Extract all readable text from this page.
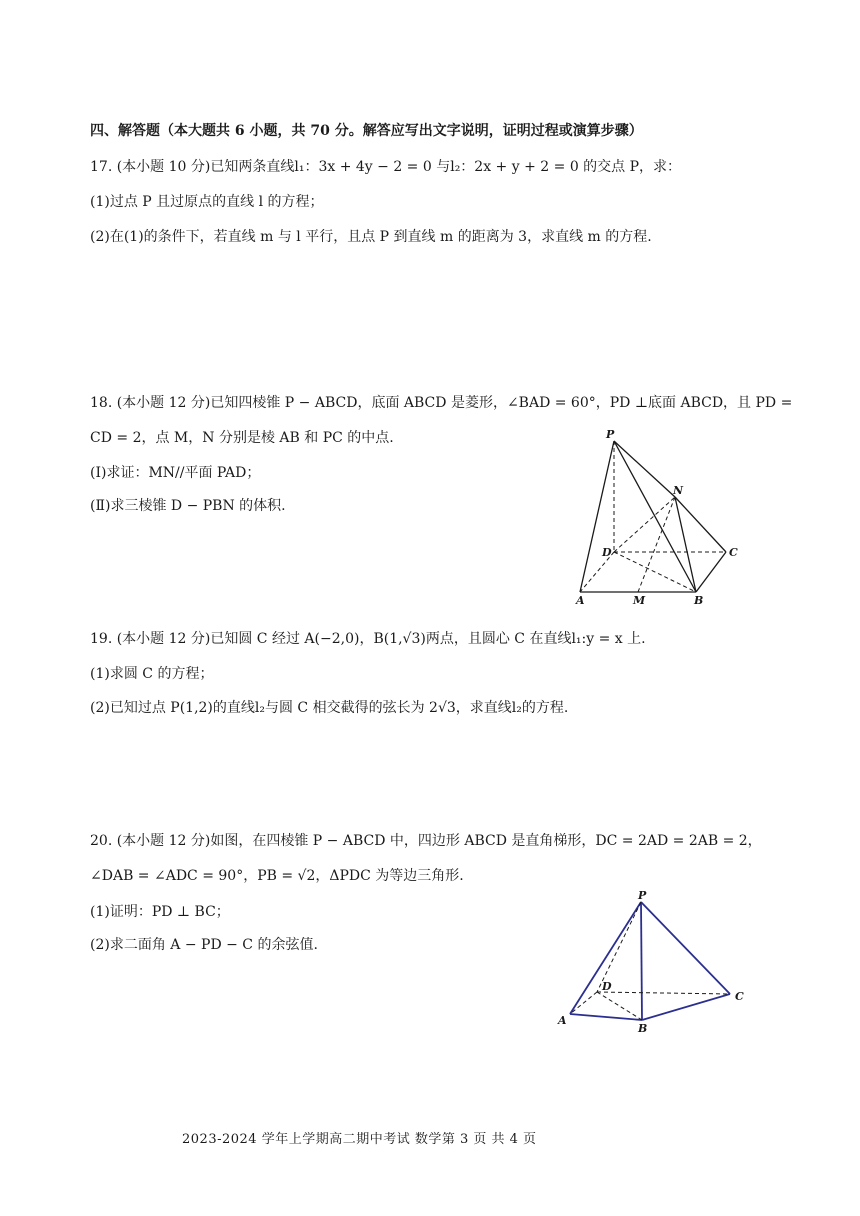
四、解答题（本大题共 6 小题，共 70 分。解答应写出文字说明，证明过程或演算步骤）
17. (本小题 10 分)已知两条直线l₁：3x + 4y − 2 = 0 与l₂：2x + y + 2 = 0 的交点 P，求：
(1)过点 P 且过原点的直线 l 的方程；
(2)在(1)的条件下，若直线 m 与 l 平行，且点 P 到直线 m 的距离为 3，求直线 m 的方程.
18. (本小题 12 分)已知四棱锥 P − ABCD，底面 ABCD 是菱形，∠BAD = 60°，PD ⊥底面 ABCD，且 PD =
CD = 2，点 M，N 分别是棱 AB 和 PC 的中点.
(Ⅰ)求证：MN//平面 PAD；
(Ⅱ)求三棱锥 D − PBN 的体积.
P
N
D	C
A	M	B
19. (本小题 12 分)已知圆 C 经过 A(−2,0)，B(1,√3)两点，且圆心 C 在直线l₁:y = x 上.
(1)求圆 C 的方程；
(2)已知过点 P(1,2)的直线l₂与圆 C 相交截得的弦长为 2√3，求直线l₂的方程.
20. (本小题 12 分)如图，在四棱锥 P − ABCD 中，四边形 ABCD 是直角梯形，DC = 2AD = 2AB = 2，
∠DAB = ∠ADC = 90°，PB = √2，ΔPDC 为等边三角形.
(1)证明：PD ⊥ BC；
(2)求二面角 A − PD − C 的余弦值.
P
D
C
A
B
2023-2024 学年上学期高二期中考试 数学第 3 页 共 4 页
